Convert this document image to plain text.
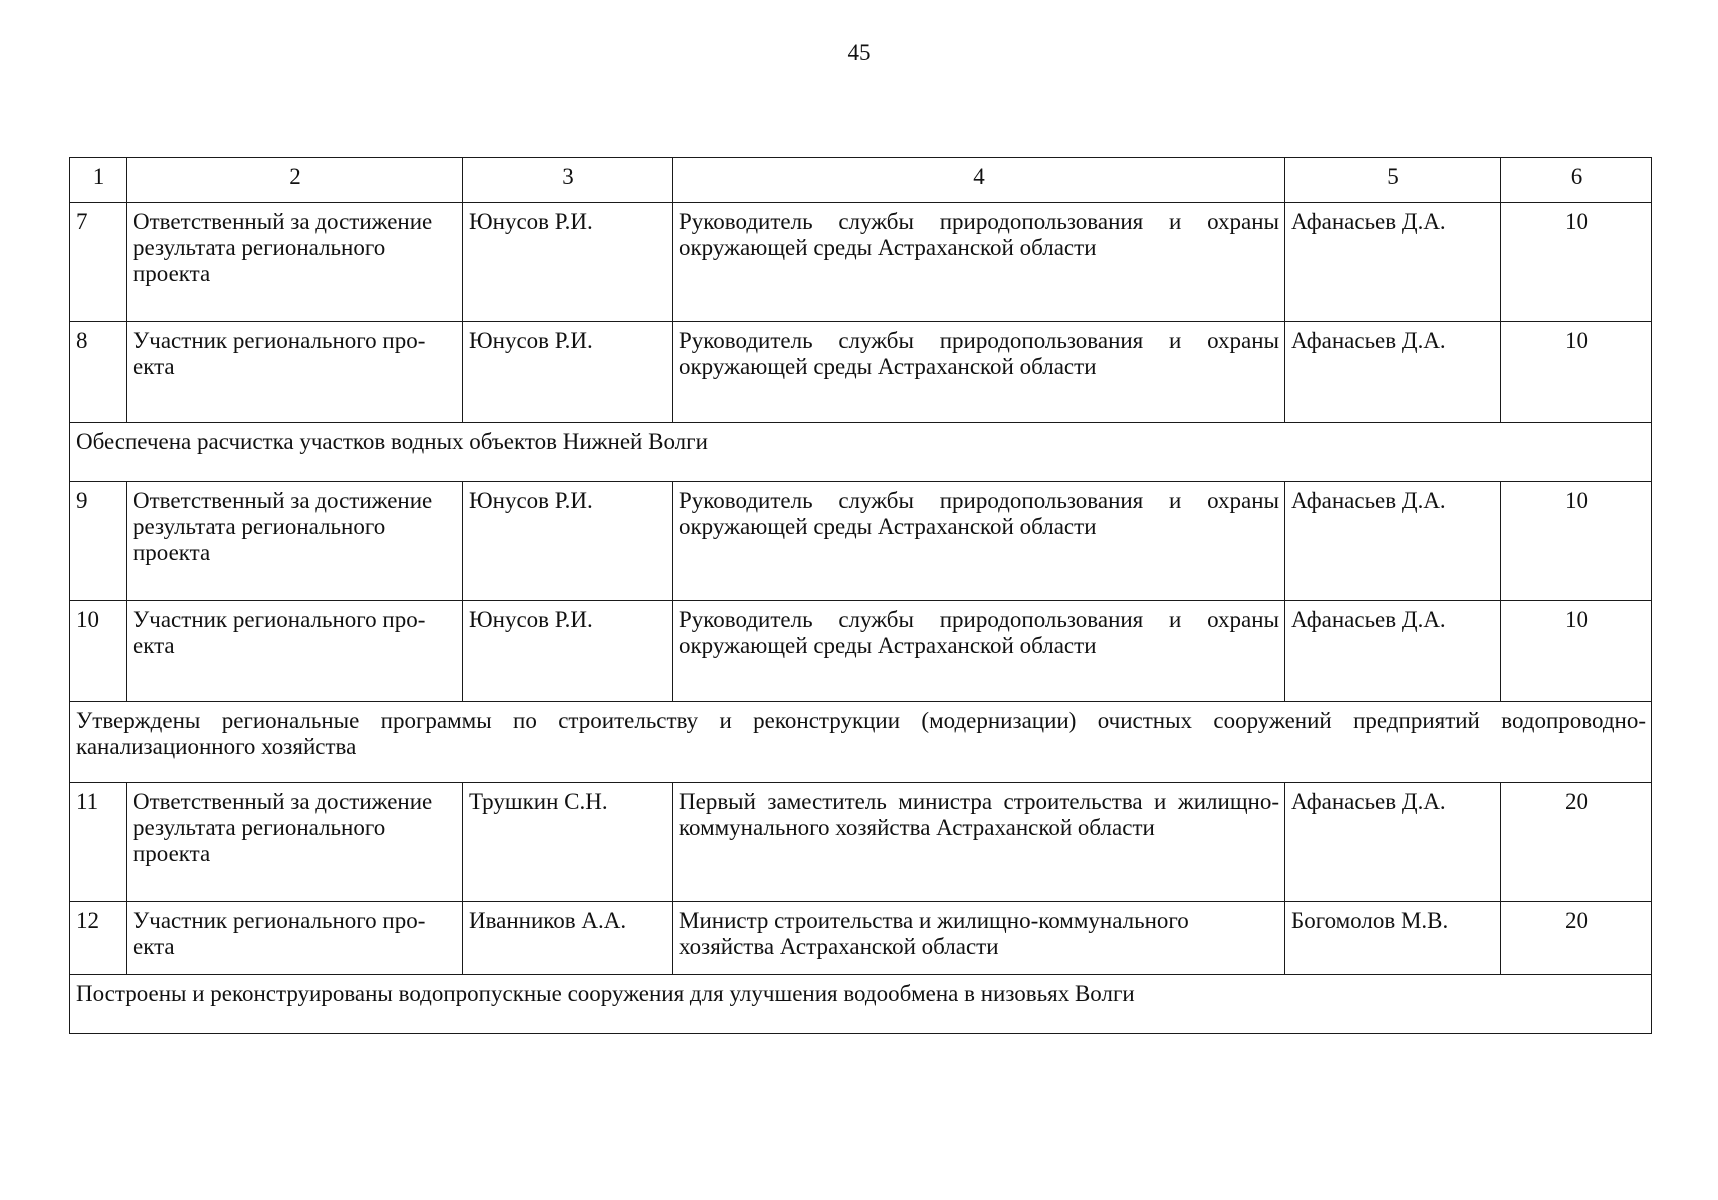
45
1	2	3	4	5	6
7	Ответственный за достижение результата регионального проекта	Юнусов Р.И.	Руководитель службы природопользования и охраны окружающей среды Астраханской области	Афанасьев Д.А.	10
8	Участник регионального про-екта	Юнусов Р.И.	Руководитель службы природопользования и охраны окружающей среды Астраханской области	Афанасьев Д.А.	10
Обеспечена расчистка участков водных объектов Нижней Волги					
9	Ответственный за достижение результата регионального проекта	Юнусов Р.И.	Руководитель службы природопользования и охраны окружающей среды Астраханской области	Афанасьев Д.А.	10
10	Участник регионального про-екта	Юнусов Р.И.	Руководитель службы природопользования и охраны окружающей среды Астраханской области	Афанасьев Д.А.	10
Утверждены региональные программы по строительству и реконструкции (модернизации) очистных сооружений предприятий водопроводно-канализационного хозяйства					
11	Ответственный за достижение результата регионального проекта	Трушкин С.Н.	Первый заместитель министра строительства и жилищно-коммунального хозяйства Астраханской области	Афанасьев Д.А.	20
12	Участник регионального про-екта	Иванников А.А.	Министр строительства и жилищно-коммунального хозяйства Астраханской области	Богомолов М.В.	20
Построены и реконструированы водопропускные сооружения для улучшения водообмена в низовьях Волги					
